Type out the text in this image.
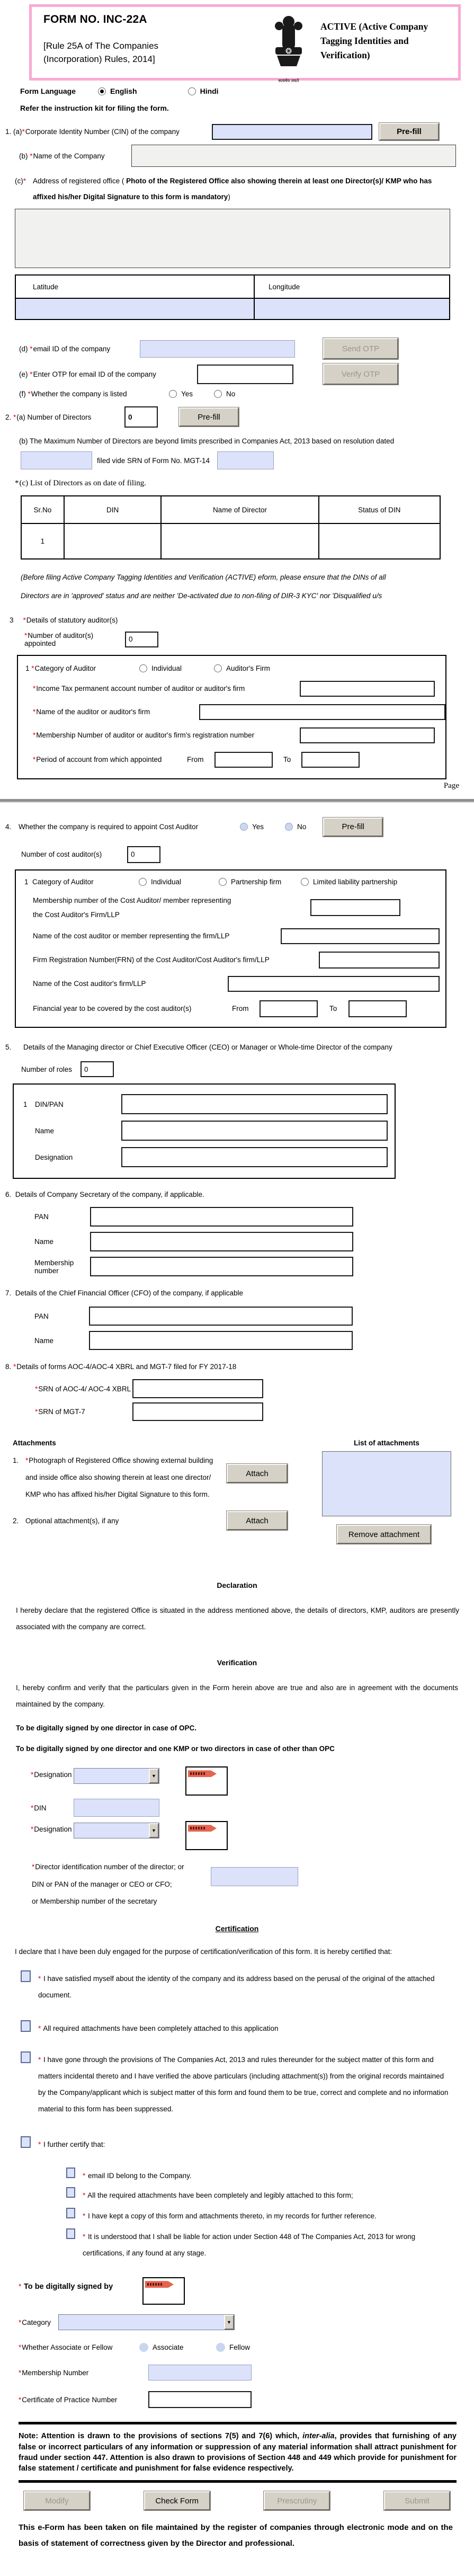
FORM NO. INC-22A
[Rule 25A of The Companies (Incorporation) Rules, 2014]
सत्यमेव जयते
ACTIVE (Active Company Tagging Identities and Verification)
Form Language	English	Hindi
Refer the instruction kit for filing the form.
1. (a)*Corporate Identity Number (CIN) of the company	Pre-fill
(b) *Name of the Company
(c)* Address of registered office ( Photo of the Registered Office also showing therein at least one Director(s)/ KMP who has affixed his/her Digital Signature to this form is mandatory)
Latitude	Longitude

(d) *email ID of the company	Send OTP
(e) *Enter OTP for email ID of the company	Verify OTP
(f) *Whether the company is listed	Yes	No
2. *(a) Number of Directors	0	Pre-fill
(b) The Maximum Number of Directors are beyond limits prescribed in Companies Act, 2013 based on resolution dated
filed vide SRN of Form No. MGT-14
*(c) List of Directors as on date of filing.
Sr.No	DIN	Name of Director	Status of DIN
1			
(Before filing Active Company Tagging Identities and Verification (ACTIVE) eform, please ensure that the DINs of all
Directors are in 'approved' status and are neither 'De-activated due to non-filing of DIR-3 KYC' nor 'Disqualified u/s
3 *Details of statutory auditor(s)
*Number of auditor(s) appointed	0
1 *Category of Auditor	Individual	Auditor's Firm
*Income Tax permanent account number of auditor or auditor's firm
*Name of the auditor or auditor's firm
*Membership Number of auditor or auditor's firm's registration number
*Period of account from which appointed	From	To
Page
4.	Whether the company is required to appoint Cost Auditor	Yes	No	Pre-fill
Number of cost auditor(s)	0
1 Category of Auditor	Individual	Partnership firm	Limited liability partnership
Membership number of the Cost Auditor/ member representing
the Cost Auditor's Firm/LLP
Name of the cost auditor or member representing the firm/LLP
Firm Registration Number(FRN) of the Cost Auditor/Cost Auditor's firm/LLP
Name of the Cost auditor's firm/LLP
Financial year to be covered by the cost auditor(s)	From	To
5.	Details of the Managing director or Chief Executive Officer (CEO) or Manager or Whole-time Director of the company
Number of roles	0
1	DIN/PAN
Name
Designation
6. Details of Company Secretary of the company, if applicable.
PAN
Name
Membership number
7. Details of the Chief Financial Officer (CFO) of the company, if applicable
PAN
Name
8. *Details of forms AOC-4/AOC-4 XBRL and MGT-7 filed for FY 2017-18
*SRN of AOC-4/ AOC-4 XBRL
*SRN of MGT-7
List of attachments
Remove attachment
Attachments
1. *Photograph of Registered Office showing external building and inside office also showing therein at least one director/ KMP who has affixed his/her Digital Signature to this form.
Attach
2. Optional attachment(s), if any	Attach
Declaration
I hereby declare that the registered Office is situated in the address mentioned above, the details of directors, KMP, auditors are presently associated with the company are correct.
Verification
I, hereby confirm and verify that the particulars given in the Form herein above are true and also are in agreement with the documents maintained by the company.
To be digitally signed by one director in case of OPC.
To be digitally signed by one director and one KMP or two directors in case of other than OPC
*Designation	▼
*DIN
*Designation	▼
*Director identification number of the director; or
DIN or PAN of the manager or CEO or CFO;
or Membership number of the secretary
Certification
I declare that I have been duly engaged for the purpose of certification/verification of this form. It is hereby certified that:
* I have satisfied myself about the identity of the company and its address based on the perusal of the original of the attached document.
* All required attachments have been completely attached to this application
* I have gone through the provisions of The Companies Act, 2013 and rules thereunder for the subject matter of this form and matters incidental thereto and I have verified the above particulars (including attachment(s)) from the original records maintained by the Company/applicant which is subject matter of this form and found them to be true, correct and complete and no information material to this form has been suppressed.
* I further certify that:
* email ID belong to the Company.
* All the required attachments have been completely and legibly attached to this form;
* I have kept a copy of this form and attachments thereto, in my records for further reference.
* It is understood that I shall be liable for action under Section 448 of The Companies Act, 2013 for wrong certifications, if any found at any stage.
* To be digitally signed by
*Category	▼
*Whether Associate or Fellow	Associate	Fellow
*Membership Number
*Certificate of Practice Number
Note: Attention is drawn to the provisions of sections 7(5) and 7(6) which, inter-alia, provides that furnishing of any false or incorrect particulars of any information or suppression of any material information shall attract punishment for fraud under section 447. Attention is also drawn to provisions of Section 448 and 449 which provide for punishment for false statement / certificate and punishment for false evidence respectively.
Modify	Check Form	Prescrutiny	Submit
This e-Form has been taken on file maintained by the register of companies through electronic mode and on the basis of statement of correctness given by the Director and professional.
